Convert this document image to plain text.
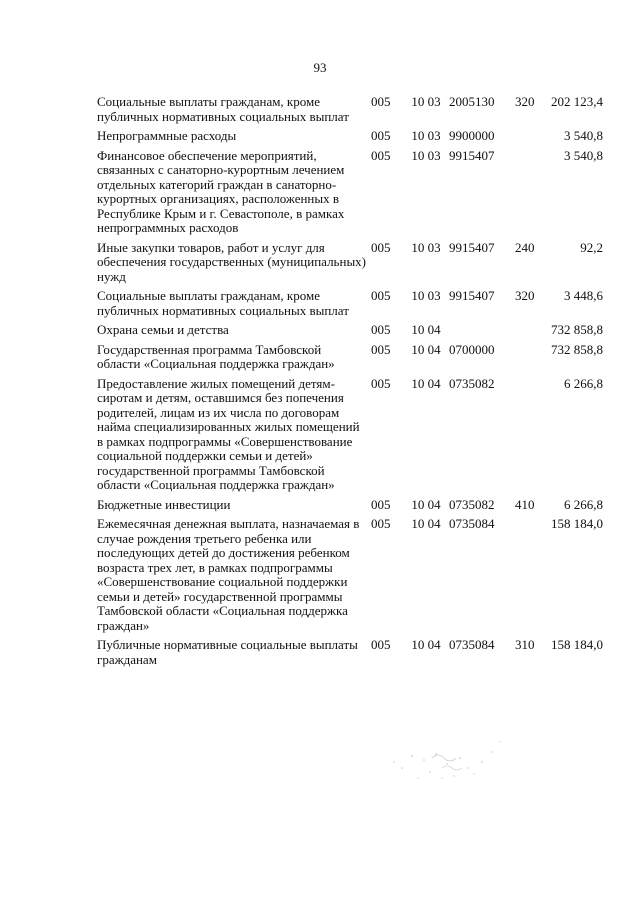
93
Социальные выплаты гражданам, кроме публичных нормативных социальных выплат	005	10 03	2005130	320	202 123,4
Непрограммные расходы	005	10 03	9900000		3 540,8
Финансовое обеспечение мероприятий, связанных с санаторно-курортным лечением отдельных категорий граждан в санаторно-курортных организациях, расположенных в Республике Крым и г. Севастополе, в рамках непрограммных расходов	005	10 03	9915407		3 540,8
Иные закупки товаров, работ и услуг для обеспечения государственных (муниципальных) нужд	005	10 03	9915407	240	92,2
Социальные выплаты гражданам, кроме публичных нормативных социальных выплат	005	10 03	9915407	320	3 448,6
Охрана семьи и детства	005	10 04			732 858,8
Государственная программа Тамбовской области «Социальная поддержка граждан»	005	10 04	0700000		732 858,8
Предоставление жилых помещений детям-сиротам и детям, оставшимся без попечения родителей, лицам из их числа по договорам найма специализированных жилых помещений в рамках подпрограммы «Совершенствование социальной поддержки семьи и детей» государственной программы Тамбовской области «Социальная поддержка граждан»	005	10 04	0735082		6 266,8
Бюджетные инвестиции	005	10 04	0735082	410	6 266,8
Ежемесячная денежная выплата, назначаемая в случае рождения третьего ребенка или последующих детей до достижения ребенком возраста трех лет, в рамках подпрограммы «Совершенствование социальной поддержки семьи и детей» государственной программы Тамбовской области «Социальная поддержка граждан»	005	10 04	0735084		158 184,0
Публичные нормативные социальные выплаты гражданам	005	10 04	0735084	310	158 184,0
